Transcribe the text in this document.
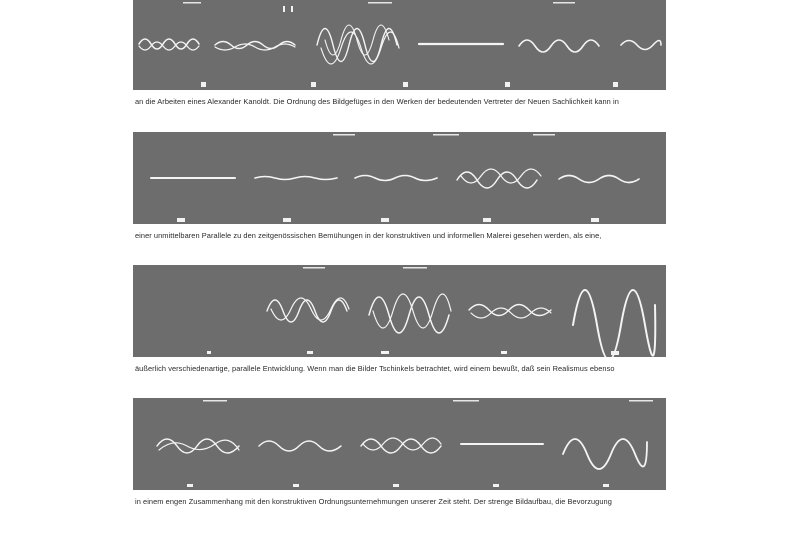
an die Arbeiten eines Alexander Kanoldt. Die Ordnung des Bildgefüges in den Werken der bedeutenden Vertreter der Neuen Sachlichkeit kann in
einer unmittelbaren Parallele zu den zeitgenössischen Bemühungen in der konstruktiven und informellen Malerei gesehen werden, als eine,
äußerlich verschiedenartige, parallele Entwicklung. Wenn man die Bilder Tschinkels betrachtet, wird einem bewußt, daß sein Realismus ebenso
in einem engen Zusammenhang mit den konstruktiven Ordnungsunternehmungen unserer Zeit steht. Der strenge Bildaufbau, die Bevorzugung
